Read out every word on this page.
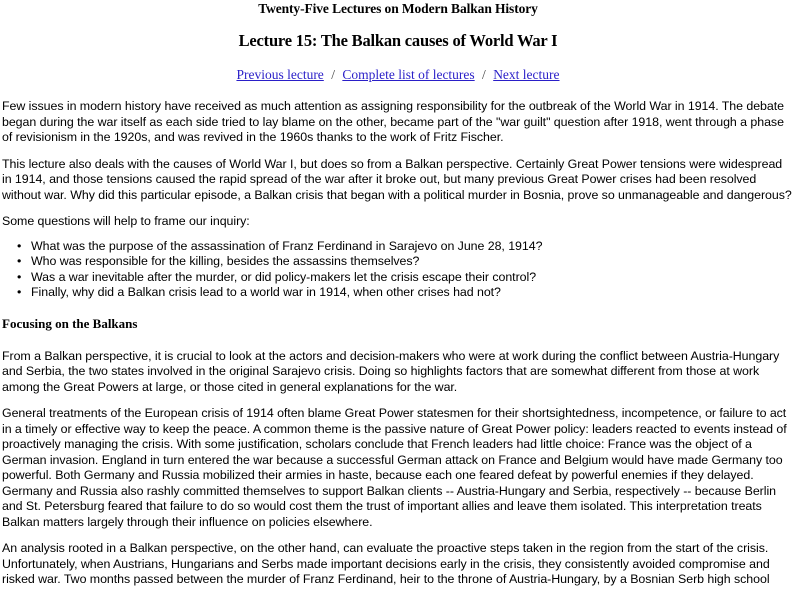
Twenty-Five Lectures on Modern Balkan History
Lecture 15: The Balkan causes of World War I
Previous lecture / Complete list of lectures / Next lecture

Few issues in modern history have received as much attention as assigning responsibility for the outbreak of the World War in 1914. The debate began during the war itself as each side tried to lay blame on the other, became part of the "war guilt" question after 1918, went through a phase of revisionism in the 1920s, and was revived in the 1960s thanks to the work of Fritz Fischer.

This lecture also deals with the causes of World War I, but does so from a Balkan perspective. Certainly Great Power tensions were widespread in 1914, and those tensions caused the rapid spread of the war after it broke out, but many previous Great Power crises had been resolved without war. Why did this particular episode, a Balkan crisis that began with a political murder in Bosnia, prove so unmanageable and dangerous?

Some questions will help to frame our inquiry:

• What was the purpose of the assassination of Franz Ferdinand in Sarajevo on June 28, 1914?
• Who was responsible for the killing, besides the assassins themselves?
• Was a war inevitable after the murder, or did policy-makers let the crisis escape their control?
• Finally, why did a Balkan crisis lead to a world war in 1914, when other crises had not?
Focusing on the Balkans

From a Balkan perspective, it is crucial to look at the actors and decision-makers who were at work during the conflict between Austria-Hungary and Serbia, the two states involved in the original Sarajevo crisis. Doing so highlights factors that are somewhat different from those at work among the Great Powers at large, or those cited in general explanations for the war.

General treatments of the European crisis of 1914 often blame Great Power statesmen for their shortsightedness, incompetence, or failure to act in a timely or effective way to keep the peace. A common theme is the passive nature of Great Power policy: leaders reacted to events instead of proactively managing the crisis. With some justification, scholars conclude that French leaders had little choice: France was the object of a German invasion. England in turn entered the war because a successful German attack on France and Belgium would have made Germany too powerful. Both Germany and Russia mobilized their armies in haste, because each one feared defeat by powerful enemies if they delayed. Germany and Russia also rashly committed themselves to support Balkan clients -- Austria-Hungary and Serbia, respectively -- because Berlin and St. Petersburg feared that failure to do so would cost them the trust of important allies and leave them isolated. This interpretation treats Balkan matters largely through their influence on policies elsewhere.

An analysis rooted in a Balkan perspective, on the other hand, can evaluate the proactive steps taken in the region from the start of the crisis. Unfortunately, when Austrians, Hungarians and Serbs made important decisions early in the crisis, they consistently avoided compromise and risked war. Two months passed between the murder of Franz Ferdinand, heir to the throne of Austria-Hungary, by a Bosnian Serb high school
